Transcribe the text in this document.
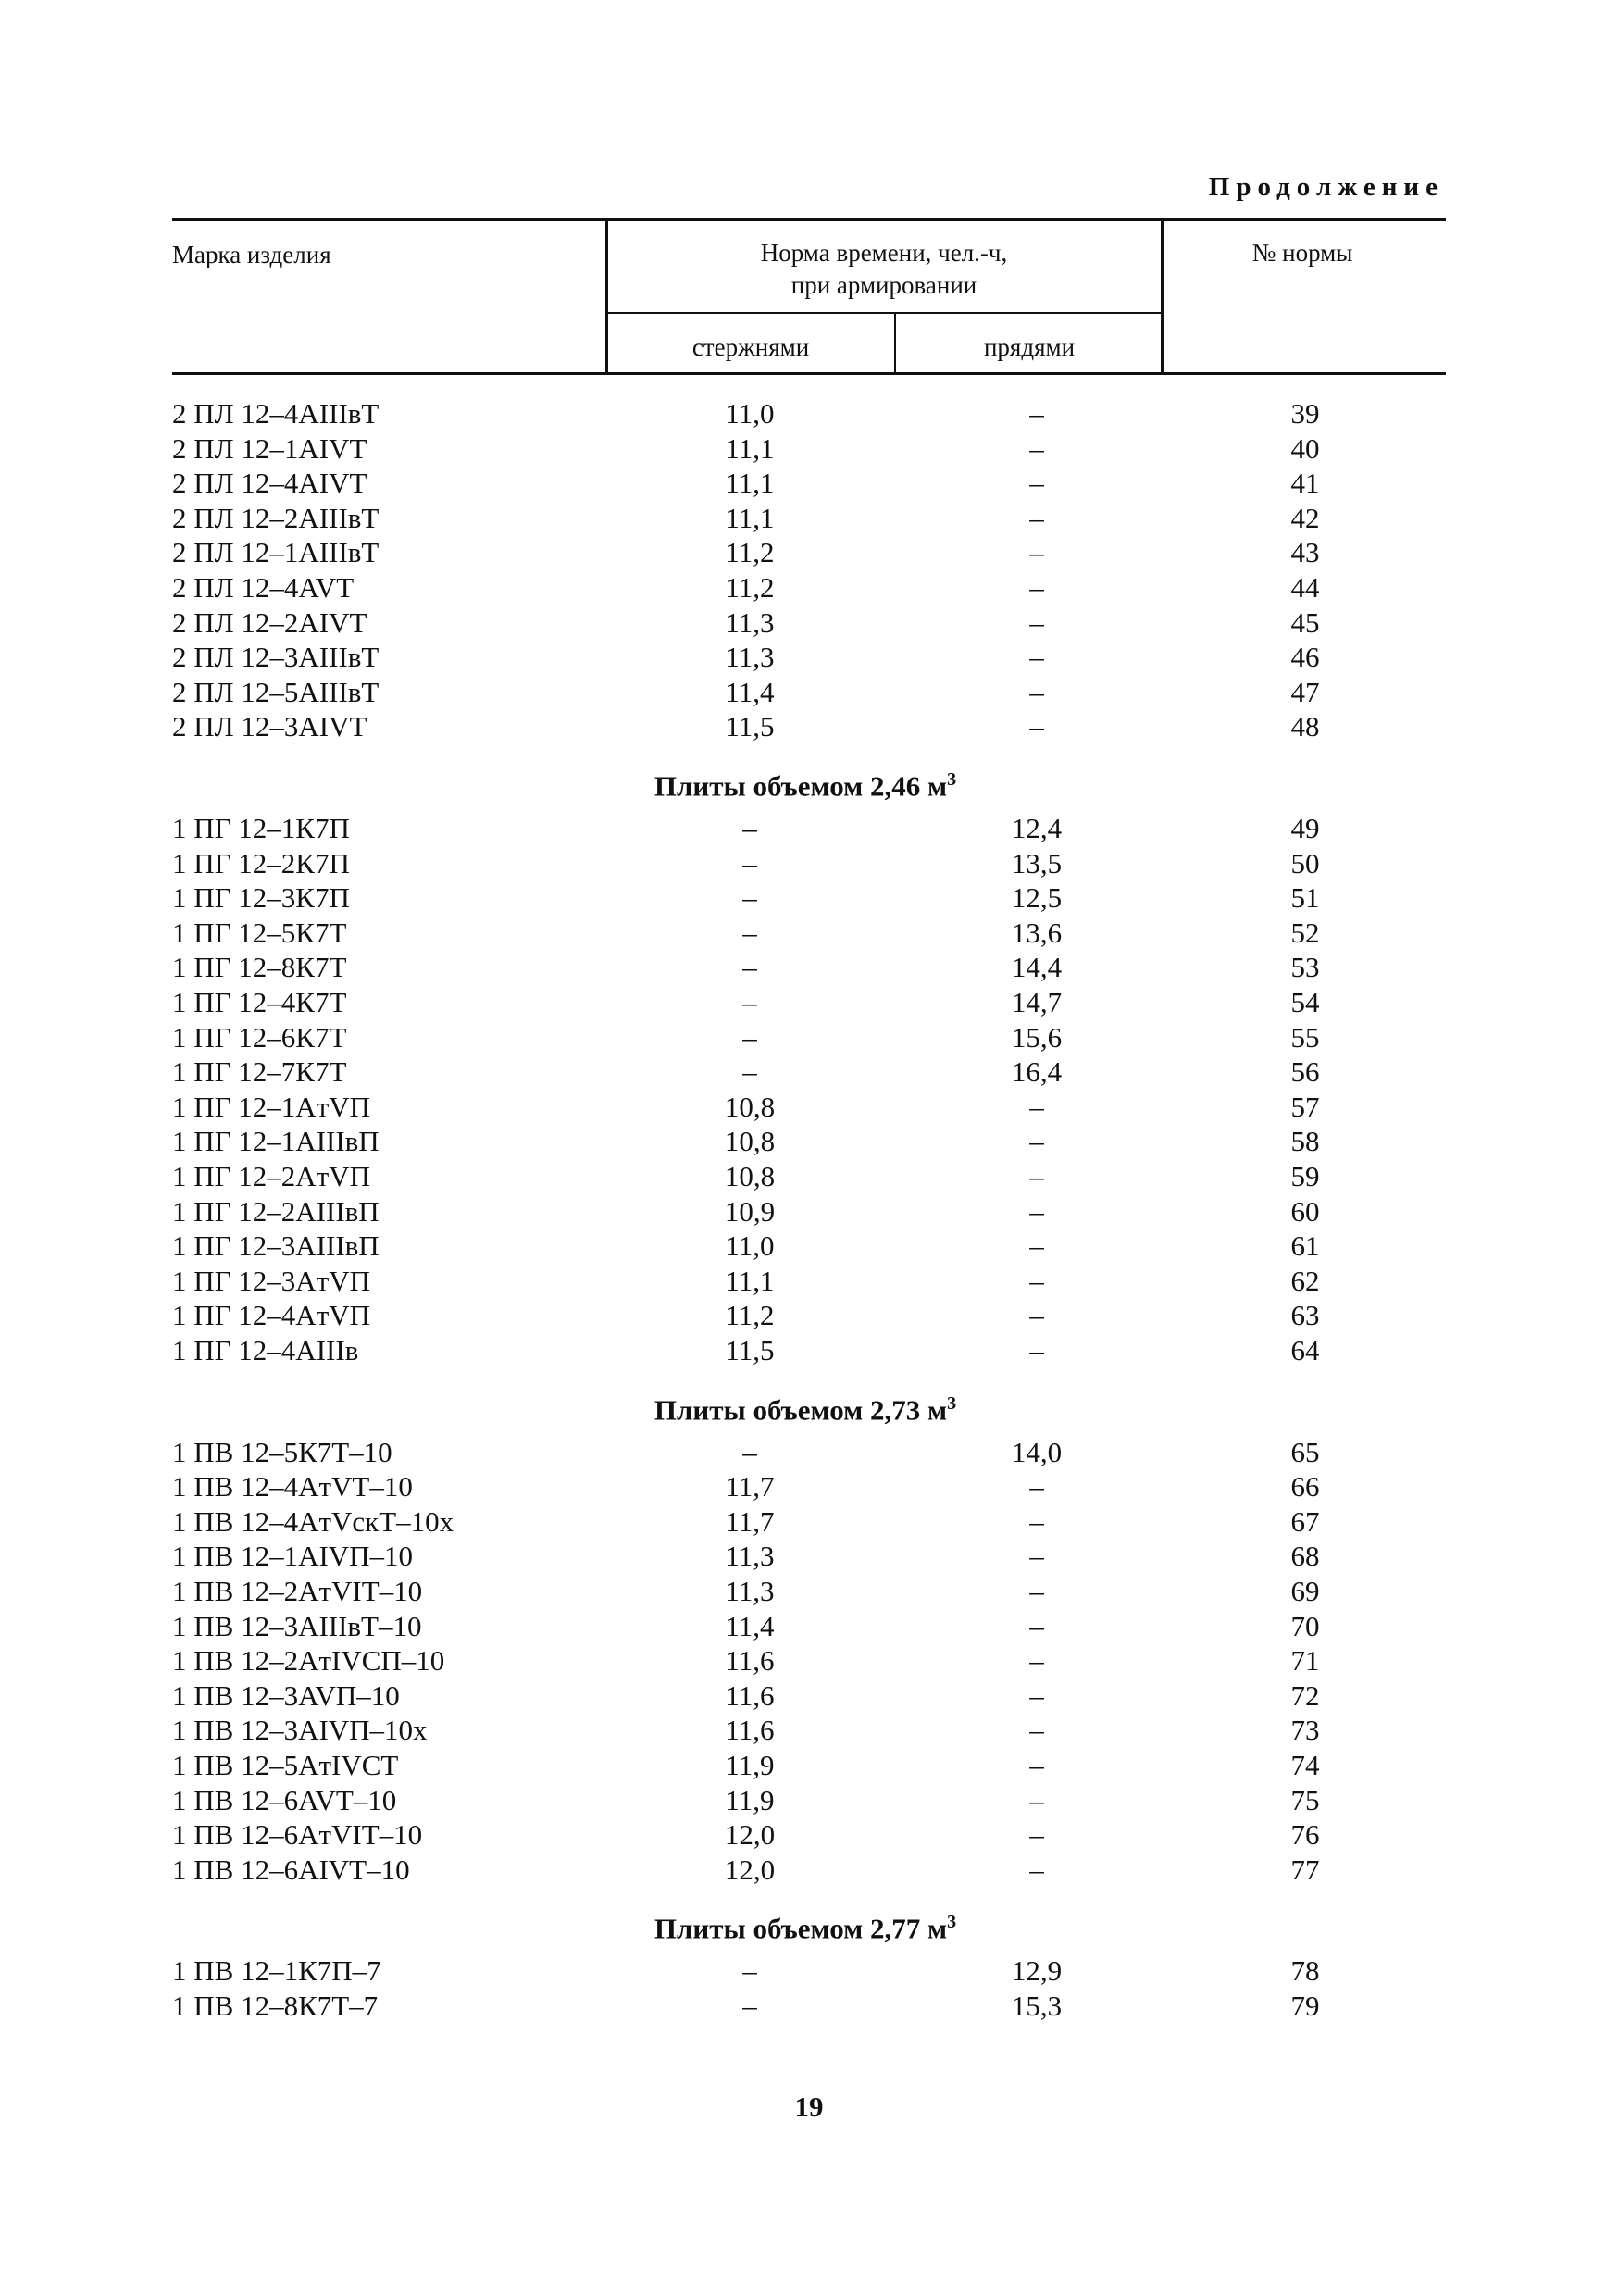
Продолжение
Марка изделия	Норма времени, чел.-ч,
при армировании
стержнями	прядями
№ нормы
2 ПЛ 12–4AIIIвТ	11,0	–	39
2 ПЛ 12–1AIVT	11,1	–	40
2 ПЛ 12–4AIVT	11,1	–	41
2 ПЛ 12–2AIIIвТ	11,1	–	42
2 ПЛ 12–1AIIIвТ	11,2	–	43
2 ПЛ 12–4AVT	11,2	–	44
2 ПЛ 12–2AIVT	11,3	–	45
2 ПЛ 12–3AIIIвТ	11,3	–	46
2 ПЛ 12–5AIIIвТ	11,4	–	47
2 ПЛ 12–3AIVT	11,5	–	48
Плиты объемом 2,46 $м^3$
1 ПГ 12–1К7П	–	12,4	49
1 ПГ 12–2К7П	–	13,5	50
1 ПГ 12–3К7П	–	12,5	51
1 ПГ 12–5К7Т	–	13,6	52
1 ПГ 12–8К7Т	–	14,4	53
1 ПГ 12–4К7Т	–	14,7	54
1 ПГ 12–6К7Т	–	15,6	55
1 ПГ 12–7К7Т	–	16,4	56
1 ПГ 12–1AтVП	10,8	–	57
1 ПГ 12–1AIIIвП	10,8	–	58
1 ПГ 12–2AтVП	10,8	–	59
1 ПГ 12–2AIIIвП	10,9	–	60
1 ПГ 12–3AIIIвП	11,0	–	61
1 ПГ 12–3AтVП	11,1	–	62
1 ПГ 12–4AтVП	11,2	–	63
1 ПГ 12–4AIIIв	11,5	–	64
Плиты объемом 2,73 $м^3$
1 ПВ 12–5К7Т–10	–	14,0	65
1 ПВ 12–4AтVT–10	11,7	–	66
1 ПВ 12–4AтVскТ–10х	11,7	–	67
1 ПВ 12–1AIVП–10	11,3	–	68
1 ПВ 12–2AтVIТ–10	11,3	–	69
1 ПВ 12–3AIIIвТ–10	11,4	–	70
1 ПВ 12–2AтIVСП–10	11,6	–	71
1 ПВ 12–3AVП–10	11,6	–	72
1 ПВ 12–3AIVП–10х	11,6	–	73
1 ПВ 12–5AтIVСТ	11,9	–	74
1 ПВ 12–6AVT–10	11,9	–	75
1 ПВ 12–6AтVIТ–10	12,0	–	76
1 ПВ 12–6AIVT–10	12,0	–	77
Плиты объемом 2,77 $м^3$
1 ПВ 12–1К7П–7	–	12,9	78
1 ПВ 12–8К7Т–7	–	15,3	79
19
